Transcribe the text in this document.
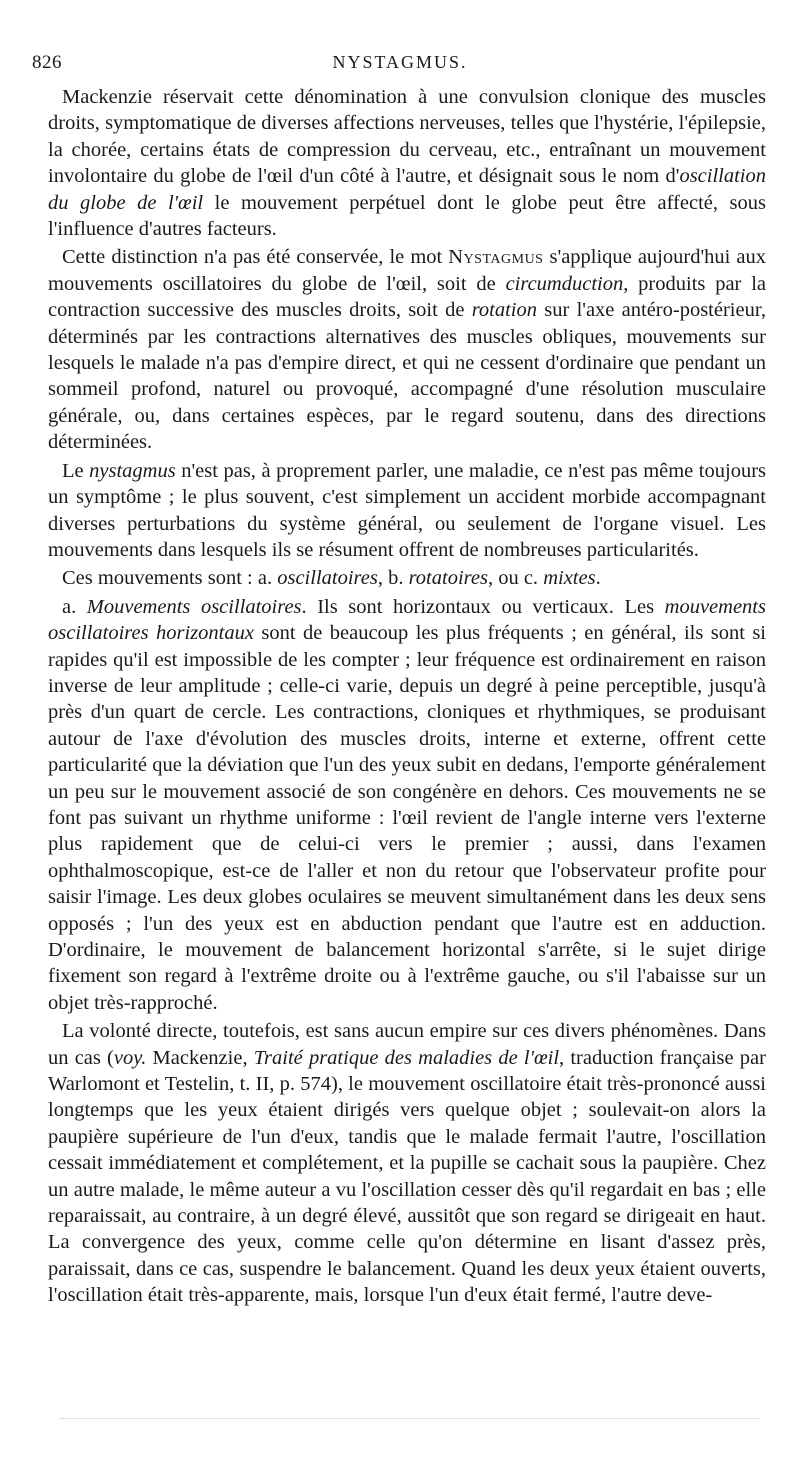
826	NYSTAGMUS.

Mackenzie réservait cette dénomination à une convulsion clonique des muscles droits, symptomatique de diverses affections nerveuses, telles que l'hystérie, l'épilepsie, la chorée, certains états de compression du cerveau, etc., entraînant un mouvement involontaire du globe de l'œil d'un côté à l'autre, et désignait sous le nom d'oscillation du globe de l'œil le mouvement perpétuel dont le globe peut être affecté, sous l'influence d'autres facteurs.

Cette distinction n'a pas été conservée, le mot Nystagmus s'applique aujourd'hui aux mouvements oscillatoires du globe de l'œil, soit de circumduction, produits par la contraction successive des muscles droits, soit de rotation sur l'axe antéro-postérieur, déterminés par les contractions alternatives des muscles obliques, mouvements sur lesquels le malade n'a pas d'empire direct, et qui ne cessent d'ordinaire que pendant un sommeil profond, naturel ou provoqué, accompagné d'une résolution musculaire générale, ou, dans certaines espèces, par le regard soutenu, dans des directions déterminées.

Le nystagmus n'est pas, à proprement parler, une maladie, ce n'est pas même toujours un symptôme ; le plus souvent, c'est simplement un accident morbide accompagnant diverses perturbations du système général, ou seulement de l'organe visuel. Les mouvements dans lesquels ils se résument offrent de nombreuses particularités.

Ces mouvements sont : a. oscillatoires, b. rotatoires, ou c. mixtes.

a. Mouvements oscillatoires. Ils sont horizontaux ou verticaux. Les mouvements oscillatoires horizontaux sont de beaucoup les plus fréquents ; en général, ils sont si rapides qu'il est impossible de les compter ; leur fréquence est ordinairement en raison inverse de leur amplitude ; celle-ci varie, depuis un degré à peine perceptible, jusqu'à près d'un quart de cercle. Les contractions, cloniques et rhythmiques, se produisant autour de l'axe d'évolution des muscles droits, interne et externe, offrent cette particularité que la déviation que l'un des yeux subit en dedans, l'emporte généralement un peu sur le mouvement associé de son congénère en dehors. Ces mouvements ne se font pas suivant un rhythme uniforme : l'œil revient de l'angle interne vers l'externe plus rapidement que de celui-ci vers le premier ; aussi, dans l'examen ophthalmoscopique, est-ce de l'aller et non du retour que l'observateur profite pour saisir l'image. Les deux globes oculaires se meuvent simultanément dans les deux sens opposés ; l'un des yeux est en abduction pendant que l'autre est en adduction. D'ordinaire, le mouvement de balancement horizontal s'arrête, si le sujet dirige fixement son regard à l'extrême droite ou à l'extrême gauche, ou s'il l'abaisse sur un objet très-rapproché.

La volonté directe, toutefois, est sans aucun empire sur ces divers phénomènes. Dans un cas (voy. Mackenzie, Traité pratique des maladies de l'œil, traduction française par Warlomont et Testelin, t. II, p. 574), le mouvement oscillatoire était très-prononcé aussi longtemps que les yeux étaient dirigés vers quelque objet ; soulevait-on alors la paupière supérieure de l'un d'eux, tandis que le malade fermait l'autre, l'oscillation cessait immédiatement et complétement, et la pupille se cachait sous la paupière. Chez un autre malade, le même auteur a vu l'oscillation cesser dès qu'il regardait en bas ; elle reparaissait, au contraire, à un degré élevé, aussitôt que son regard se dirigeait en haut. La convergence des yeux, comme celle qu'on détermine en lisant d'assez près, paraissait, dans ce cas, suspendre le balancement. Quand les deux yeux étaient ouverts, l'oscillation était très-apparente, mais, lorsque l'un d'eux était fermé, l'autre deve-
